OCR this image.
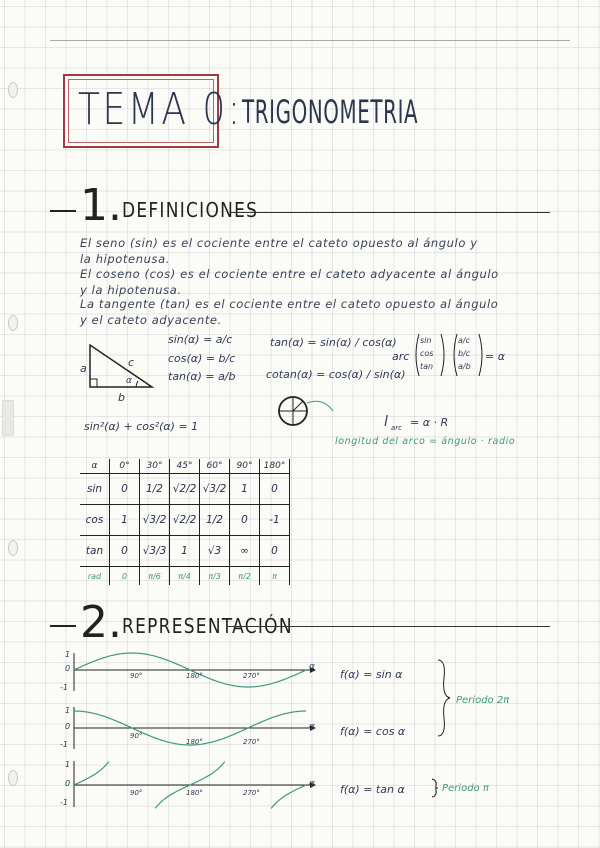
TEMA 0: TRIGONOMETRIA
1. DEFINICIONES
El seno (sin) es el cociente entre el cateto opuesto al ángulo y
la hipotenusa.
El coseno (cos) es el cociente entre el cateto adyacente al ángulo
y la hipotenusa.
La tangente (tan) es el cociente entre el cateto opuesto al ángulo
y el cateto adyacente.
a	c
b
α
sin(α) = a/c
cos(α) = b/c
tan(α) = a/b
tan(α) = sin(α) / cos(α)
cotan(α) = cos(α) / sin(α)
arc
sin
cos
tan
a/c
b/c
a/b
= α
sin²(α) + cos²(α) = 1	l arc = α · R
longitud del arco = ángulo · radio
α	0°	30°	45°	60°	90°	180°
sin	0	1/2	√2/2	√3/2	1	0
cos	1	√3/2	√2/2	1/2	0	-1
tan	0	√3/3	1	√3	∞	0
rad	0	π/6	π/4	π/3	π/2	π
2. REPRESENTACIÓN
1
0
-1
90°	180°	270°
α
1
0
-1
90°
180°	270°
α
1
0
-1
90°	180°	270°
α
f(α) = sin α
f(α) = cos α
f(α) = tan α
Periodo 2π
Periodo π
